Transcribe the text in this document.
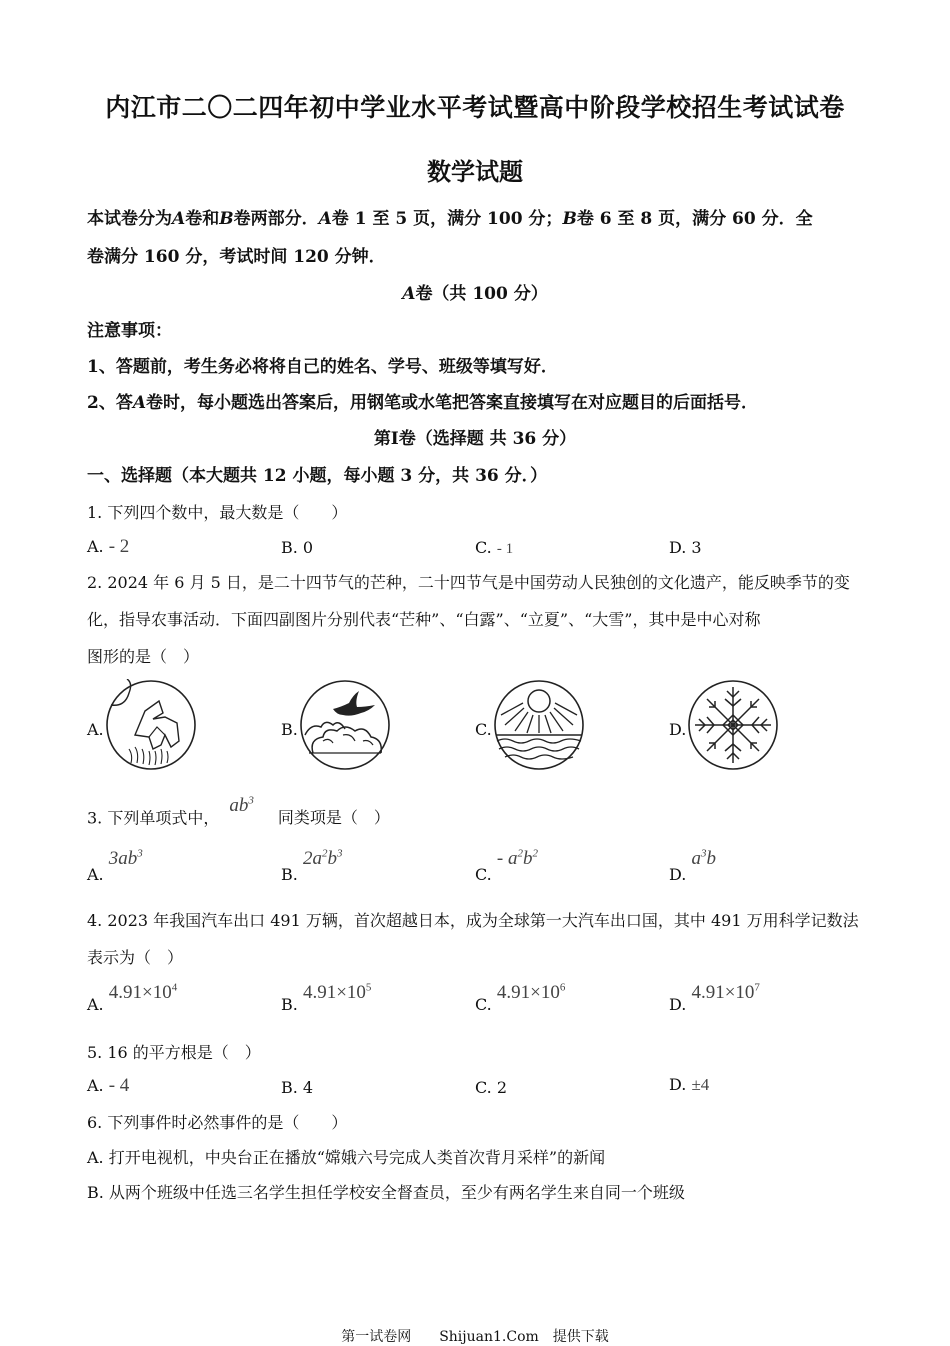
内江市二〇二四年初中学业水平考试暨高中阶段学校招生考试试卷
数学试题
本试卷分为A卷和B卷两部分．A卷 1 至 5 页，满分 100 分；B卷 6 至 8 页，满分 60 分．全
卷满分 160 分，考试时间 120 分钟．
A卷（共 100 分）
注意事项：
1、答题前，考生务必将将自己的姓名、学号、班级等填写好．
2、答A卷时，每小题选出答案后，用钢笔或水笔把答案直接填写在对应题目的后面括号．
第Ⅰ卷（选择题 共 36 分）
一、选择题（本大题共 12 小题，每小题 3 分，共 36 分．）
1. 下列四个数中，最大数是（　　）
A. - 2	B. 0	C. - 1	D. 3
2. 2024 年 6 月 5 日，是二十四节气的芒种，二十四节气是中国劳动人民独创的文化遗产，能反映季节的变
化，指导农事活动．下面四副图片分别代表“芒种”、“白露”、“立夏”、“大雪”，其中是中心对称
图形的是（　）
A.	B.	C.	D.
3. 下列单项式中，$ab^3$同类项是（　）
A. $3ab^3$
B. $2a^2b^3$
C. - $a^2b^2$
D. $a^3b$
4. 2023 年我国汽车出口 491 万辆，首次超越日本，成为全球第一大汽车出口国，其中 491 万用科学记数法
表示为（　）
A. $4.91\times 10^4$
B. $4.91\times 10^5$
C. $4.91\times 10^6$
D. $4.91\times 10^7$
5. 16 的平方根是（　）
A. - 4	B. 4	C. 2	D. ±4
6. 下列事件时必然事件的是（　　）
A. 打开电视机，中央台正在播放“嫦娥六号完成人类首次背月采样”的新闻
B. 从两个班级中任选三名学生担任学校安全督查员，至少有两名学生来自同一个班级
第一试卷网　　Shijuan1.Com　提供下载
